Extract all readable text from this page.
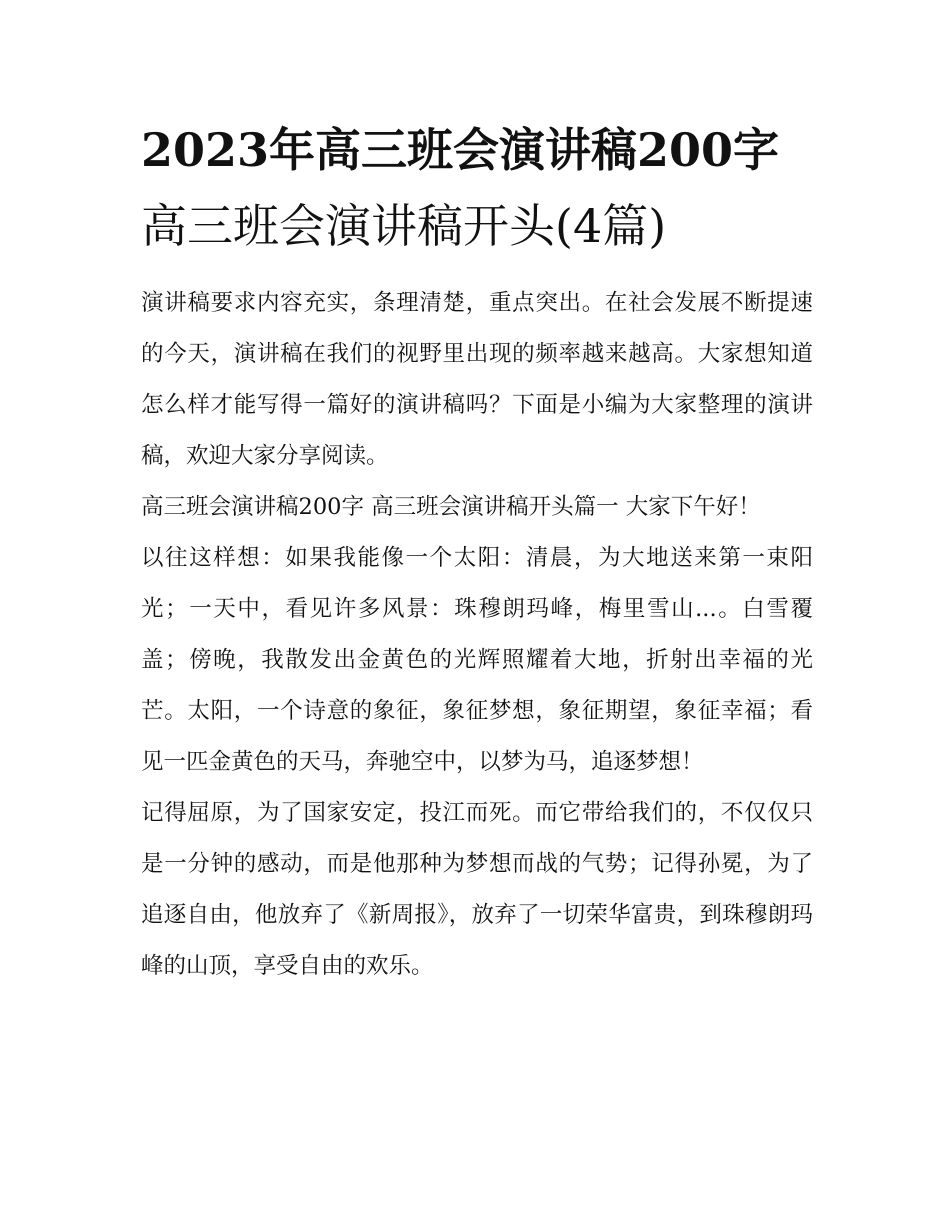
2023年高三班会演讲稿200字
高三班会演讲稿开头(4篇)

演讲稿要求内容充实，条理清楚，重点突出。在社会发展不断提速的今天，演讲稿在我们的视野里出现的频率越来越高。大家想知道怎么样才能写得一篇好的演讲稿吗？下面是小编为大家整理的演讲稿，欢迎大家分享阅读。

高三班会演讲稿200字 高三班会演讲稿开头篇一 大家下午好！

以往这样想：如果我能像一个太阳：清晨，为大地送来第一束阳光；一天中，看见许多风景：珠穆朗玛峰，梅里雪山...。白雪覆盖；傍晚，我散发出金黄色的光辉照耀着大地，折射出幸福的光芒。太阳，一个诗意的象征，象征梦想，象征期望，象征幸福；看见一匹金黄色的天马，奔驰空中，以梦为马，追逐梦想！

记得屈原，为了国家安定，投江而死。而它带给我们的，不仅仅只是一分钟的感动，而是他那种为梦想而战的气势；记得孙冕，为了追逐自由，他放弃了《新周报》，放弃了一切荣华富贵，到珠穆朗玛峰的山顶，享受自由的欢乐。
